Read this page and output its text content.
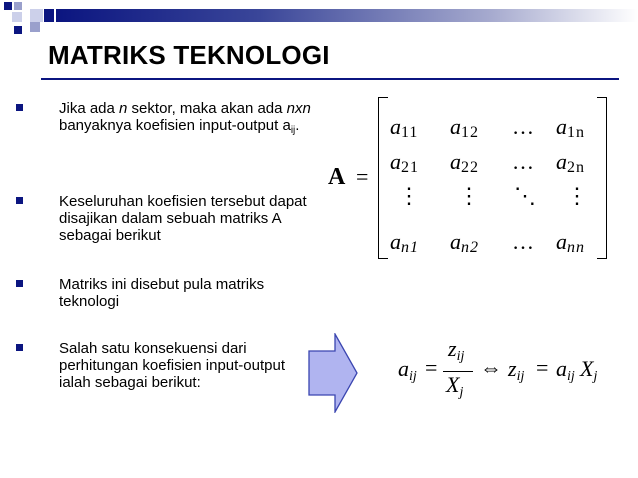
MATRIKS TEKNOLOGI
Jika ada n sektor, maka akan ada nxn banyaknya koefisien input-output $a_{ij}$.
Keseluruhan koefisien tersebut dapat disajikan dalam sebuah matriks A sebagai berikut
Matriks ini disebut pula matriks teknologi
Salah satu konsekuensi dari perhitungan koefisien input-output ialah sebagai berikut:
A =
a11 a12 … a1n
a21 a22 … a2n
⋮ ⋮ ⋱ ⋮
an1 an2 … ann
aij =
zij
Xj
⇔ zij = aij Xj
